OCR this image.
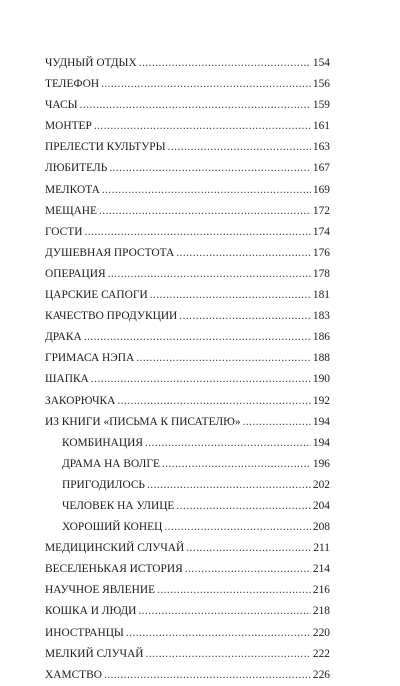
ЧУДНЫЙ ОТДЫХ . . .	154
ТЕЛЕФОН . . .	156
ЧАСЫ . . .	159
МОНТЕР . . .	161
ПРЕЛЕСТИ КУЛЬТУРЫ . . .	163
ЛЮБИТЕЛЬ . . .	167
МЕЛКОТА . . .	169
МЕЩАНЕ . . .	172
ГОСТИ . . .	174
ДУШЕВНАЯ ПРОСТОТА . . .	176
ОПЕРАЦИЯ . . .	178
ЦАРСКИЕ САПОГИ . . .	181
КАЧЕСТВО ПРОДУКЦИИ . . .	183
ДРАКА . . .	186
ГРИМАСА НЭПА . . .	188
ШАПКА . . .	190
ЗАКОРЮЧКА . . .	192
ИЗ КНИГИ «ПИСЬМА К ПИСАТЕЛЮ» . . .	194
КОМБИНАЦИЯ . . .	194
ДРАМА НА ВОЛГЕ . . .	196
ПРИГОДИЛОСЬ . . .	202
ЧЕЛОВЕК НА УЛИЦЕ . . .	204
ХОРОШИЙ КОНЕЦ . . .	208
МЕДИЦИНСКИЙ СЛУЧАЙ . . .	211
ВЕСЕЛЕНЬКАЯ ИСТОРИЯ . . .	214
НАУЧНОЕ ЯВЛЕНИЕ . . .	216
КОШКА И ЛЮДИ . . .	218
ИНОСТРАНЦЫ . . .	220
МЕЛКИЙ СЛУЧАЙ . . .	222
ХАМСТВО . . .	226
